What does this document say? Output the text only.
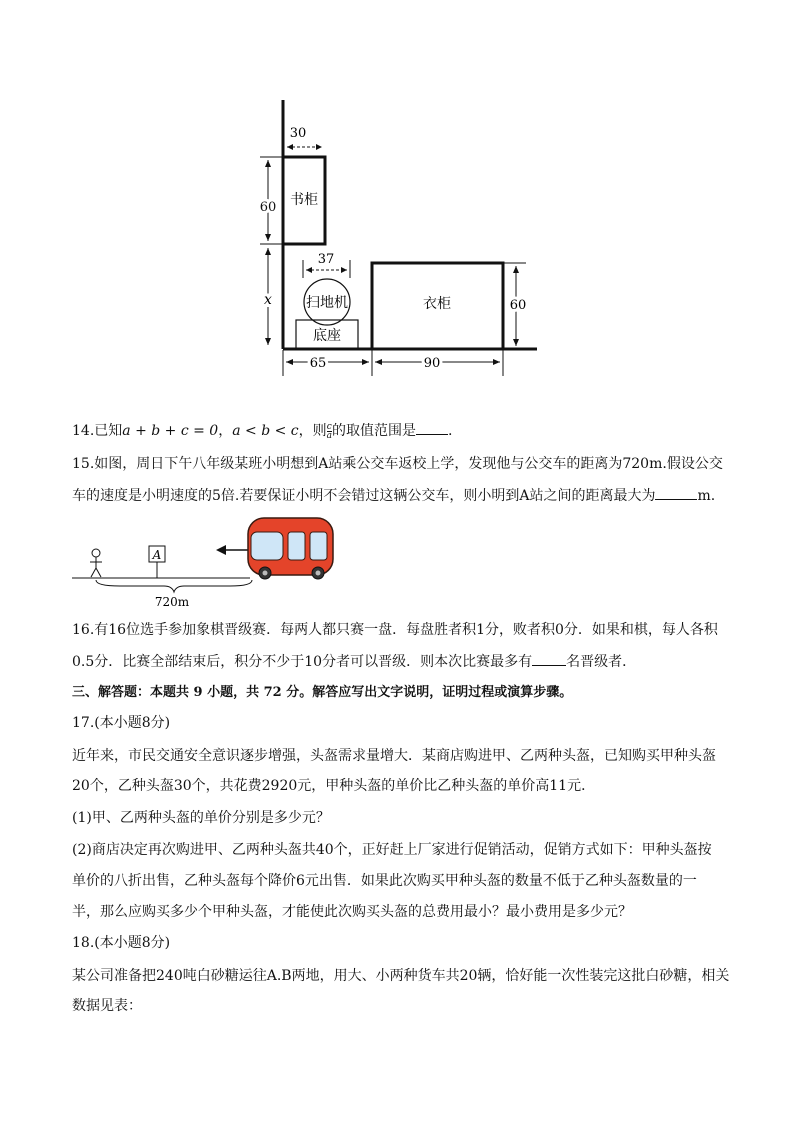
书柜
30
60
x
37
扫地机
底座
衣柜	60
65	90
14.已知a + b + c = 0，a < b < c，则 $\frac{c}{a}$ 的取值范围是 .
15.如图，周日下午八年级某班小明想到A站乘公交车返校上学，发现他与公交车的距离为720m.假设公交
车的速度是小明速度的5倍.若要保证小明不会错过这辆公交车，则小明到A站之间的距离最大为	m.
A
720m
16.有16位选手参加象棋晋级赛．每两人都只赛一盘．每盘胜者积1分，败者积0分．如果和棋，每人各积
0.5分．比赛全部结束后，积分不少于10分者可以晋级．则本次比赛最多有 名晋级者．
三、解答题：本题共 9 小题，共 72 分。解答应写出文字说明，证明过程或演算步骤。
17.(本小题8分)
近年来，市民交通安全意识逐步增强，头盔需求量增大．某商店购进甲、乙两种头盔，已知购买甲种头盔
20个，乙种头盔30个，共花费2920元，甲种头盔的单价比乙种头盔的单价高11元．
(1)甲、乙两种头盔的单价分别是多少元？
(2)商店决定再次购进甲、乙两种头盔共40个，正好赶上厂家进行促销活动，促销方式如下：甲种头盔按
单价的八折出售，乙种头盔每个降价6元出售．如果此次购买甲种头盔的数量不低于乙种头盔数量的一
半，那么应购买多少个甲种头盔，才能使此次购买头盔的总费用最小？最小费用是多少元？
18.(本小题8分)
某公司准备把240吨白砂糖运往A.B两地，用大、小两种货车共20辆，恰好能一次性装完这批白砂糖，相关
数据见表：
